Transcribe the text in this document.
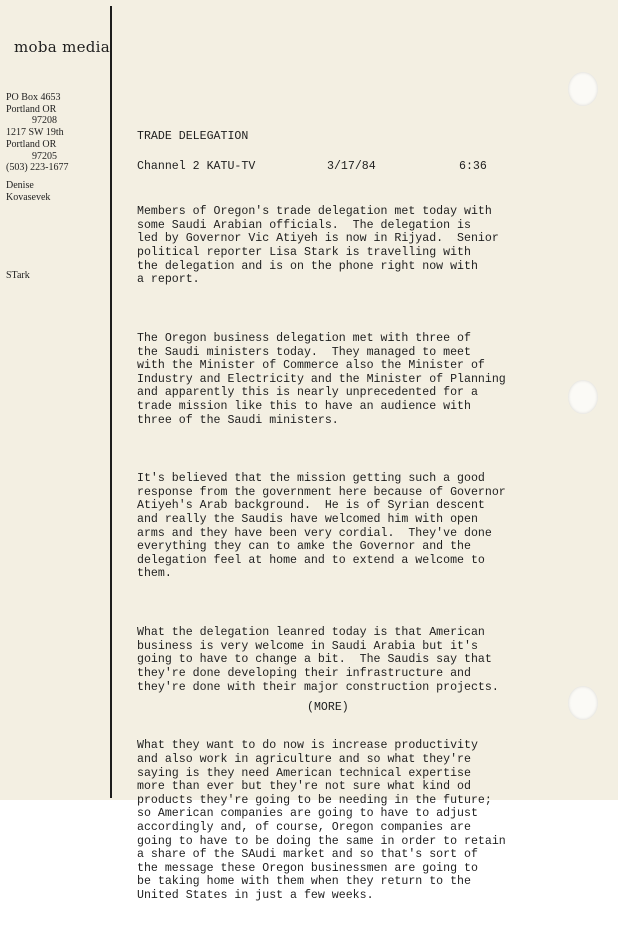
moba media
PO Box 4653
Portland OR
97208
1217 SW 19th
Portland OR
97205
(503) 223-1677
Denise
Kovasevek
STark
TRADE DELEGATION
Channel 2 KATU-TV	3/17/84	6:36

Members of Oregon's trade delegation met today with
some Saudi Arabian officials.  The delegation is
led by Governor Vic Atiyeh is now in Rijyad.  Senior
political reporter Lisa Stark is travelling with
the delegation and is on the phone right now with
a report.

The Oregon business delegation met with three of
the Saudi ministers today.  They managed to meet
with the Minister of Commerce also the Minister of
Industry and Electricity and the Minister of Planning
and apparently this is nearly unprecedented for a
trade mission like this to have an audience with
three of the Saudi ministers.

It's believed that the mission getting such a good
response from the government here because of Governor
Atiyeh's Arab background.  He is of Syrian descent
and really the Saudis have welcomed him with open
arms and they have been very cordial.  They've done
everything they can to amke the Governor and the
delegation feel at home and to extend a welcome to
them.

What the delegation leanred today is that American
business is very welcome in Saudi Arabia but it's
going to have to change a bit.  The Saudis say that
they're done developing their infrastructure and
they're done with their major construction projects.

What they want to do now is increase productivity
and also work in agriculture and so what they're
saying is they need American technical expertise
more than ever but they're not sure what kind od
products they're going to be needing in the future;
so American companies are going to have to adjust
accordingly and, of course, Oregon companies are
going to have to be doing the same in order to retain
a share of the SAudi market and so that's sort of
the message these Oregon businessmen are going to
be taking home with them when they return to the
United States in just a few weeks.

(MORE)
